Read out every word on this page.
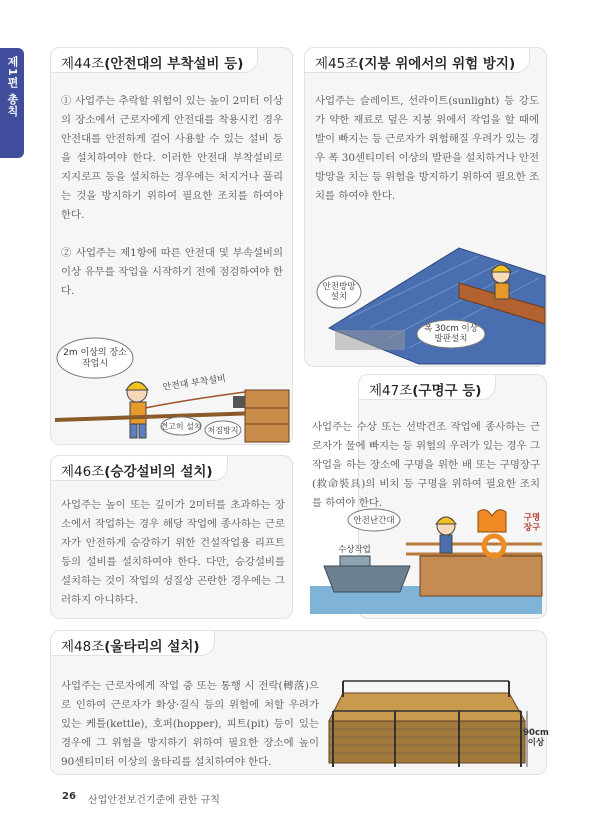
제1편 총칙	제44조(안전대의 부착설비 등)

① 사업주는 추락할 위험이 있는 높이 2미터 이상의 장소에서 근로자에게 안전대를 착용시킨 경우 안전대를 안전하게 걸어 사용할 수 있는 설비 등을 설치하여야 한다. 이러한 안전대 부착설비로 지지로프 등을 설치하는 경우에는 처지거나 풀리는 것을 방지하기 위하여 필요한 조치를 하여야 한다.

② 사업주는 제1항에 따른 안전대 및 부속설비의 이상 유무를 작업을 시작하기 전에 점검하여야 한다.

2m 이상의 장소 작업시
안전대 부착설비
견고히 설치 처짐방지
제45조(지붕 위에서의 위험 방지)

사업주는 슬레이트, 선라이트(sunlight) 등 강도가 약한 재료로 덮은 지붕 위에서 작업을 할 때에 발이 빠지는 등 근로자가 위험해질 우려가 있는 경우 폭 30센티미터 이상의 발판을 설치하거나 안전방망을 치는 등 위험을 방지하기 위하여 필요한 조치를 하여야 한다.

안전방망 설치
폭 30cm 이상 발판설치
제47조(구명구 등)

사업주는 수상 또는 선박건조 작업에 종사하는 근로자가 물에 빠지는 등 위험의 우려가 있는 경우 그 작업을 하는 장소에 구명을 위한 배 또는 구명장구(救命裝具)의 비치 등 구명을 위하여 필요한 조치를 하여야 한다.

안전난간대	구명 장구
수상작업
제46조(승강설비의 설치)

사업주는 높이 또는 깊이가 2미터를 초과하는 장소에서 작업하는 경우 해당 작업에 종사하는 근로자가 안전하게 승강하기 위한 건설작업용 리프트 등의 설비를 설치하여야 한다. 다만, 승강설비를 설치하는 것이 작업의 성질상 곤란한 경우에는 그러하지 아니하다.

제48조(울타리의 설치)

사업주는 근로자에게 작업 중 또는 통행 시 전락(轉落)으로 인하여 근로자가 화상·질식 등의 위험에 처할 우려가 있는 케틀(kettle), 호퍼(hopper), 피트(pit) 등이 있는 경우에 그 위험을 방지하기 위하여 필요한 장소에 높이 90센티미터 이상의 울타리를 설치하여야 한다.

90cm 이상
26 산업안전보건기준에 관한 규칙
